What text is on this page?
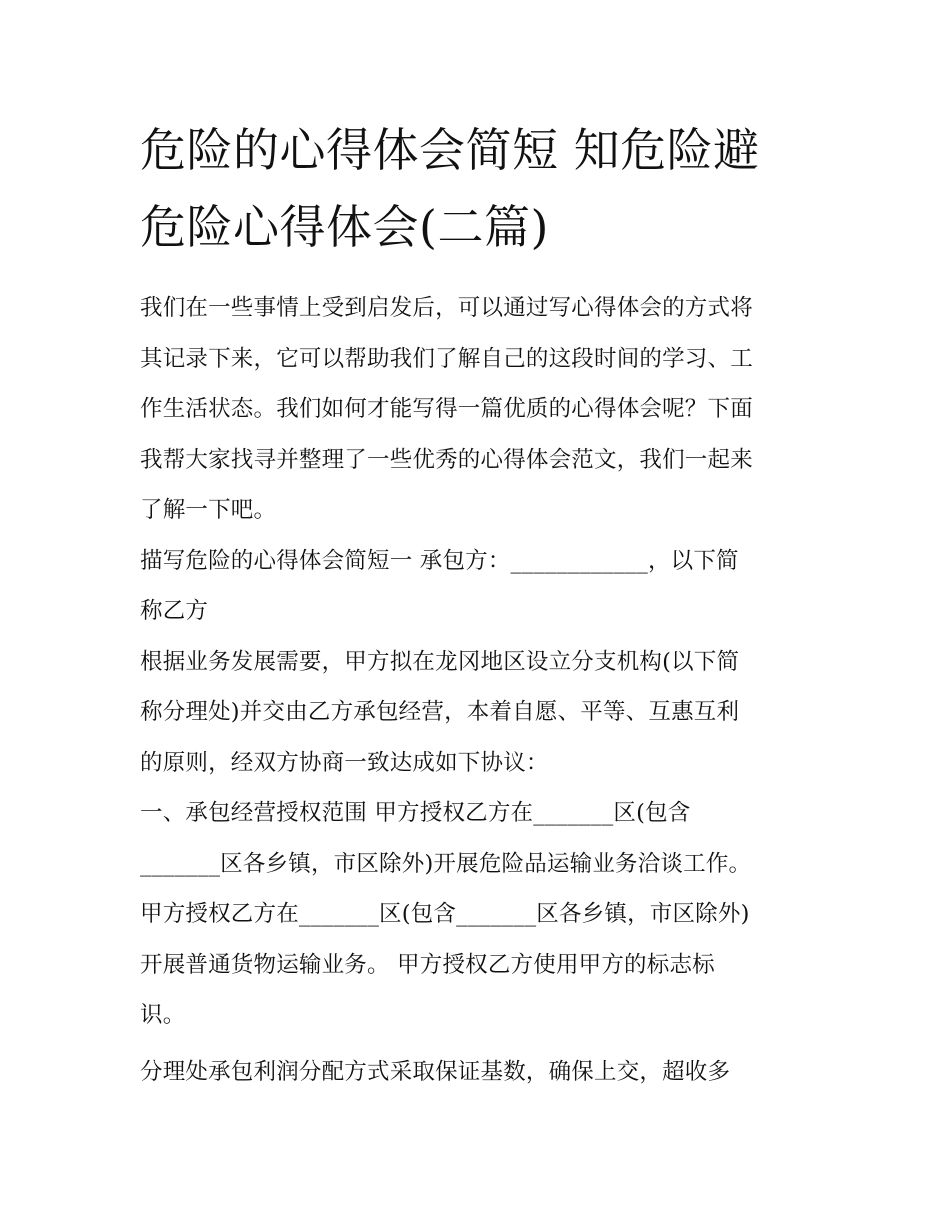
危险的心得体会简短 知危险避
危险心得体会(二篇)

我们在一些事情上受到启发后，可以通过写心得体会的方式将
其记录下来，它可以帮助我们了解自己的这段时间的学习、工
作生活状态。我们如何才能写得一篇优质的心得体会呢？下面
我帮大家找寻并整理了一些优秀的心得体会范文，我们一起来
了解一下吧。

描写危险的心得体会简短一 承包方：____________，以下简
称乙方

根据业务发展需要，甲方拟在龙冈地区设立分支机构(以下简
称分理处)并交由乙方承包经营，本着自愿、平等、互惠互利
的原则，经双方协商一致达成如下协议：

一、承包经营授权范围 甲方授权乙方在_______区(包含
_______区各乡镇，市区除外)开展危险品运输业务洽谈工作。
甲方授权乙方在_______区(包含_______区各乡镇，市区除外)
开展普通货物运输业务。 甲方授权乙方使用甲方的标志标
识。

分理处承包利润分配方式采取保证基数，确保上交，超收多
